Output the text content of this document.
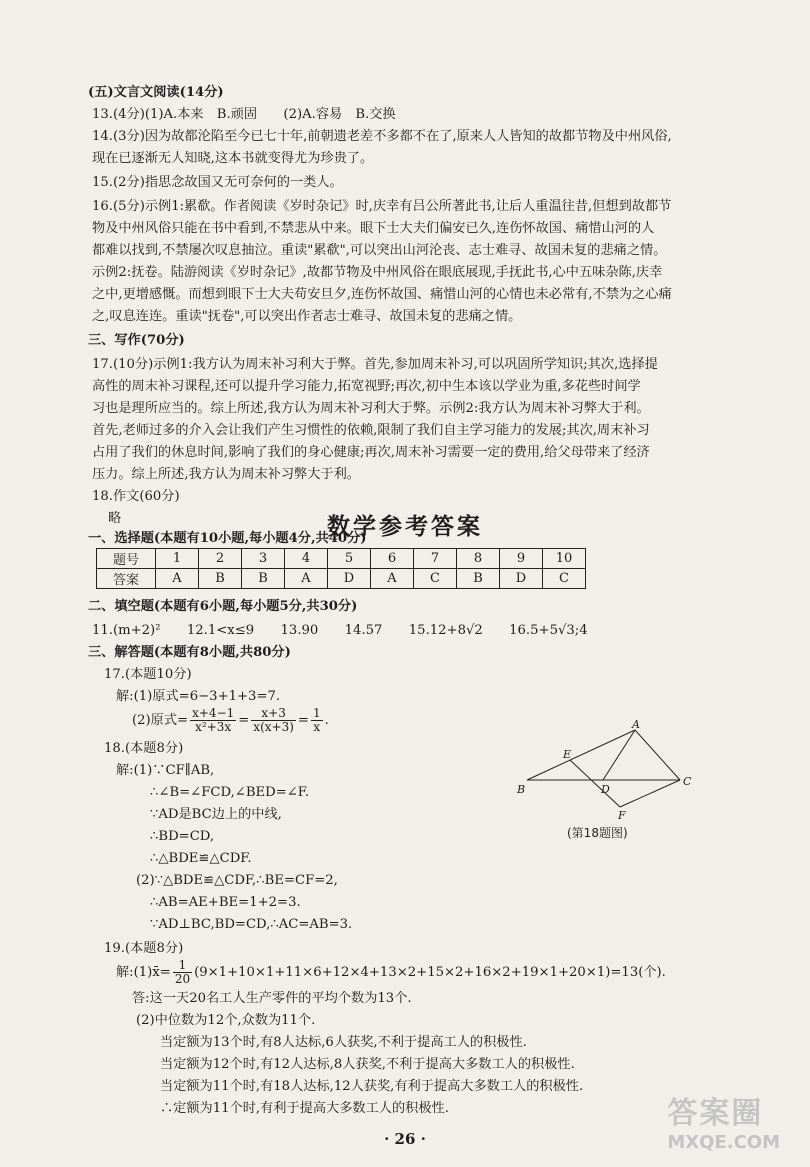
(五)文言文阅读(14分)
13.(4分)(1)A.本来　B.顽固　　(2)A.容易　B.交换
14.(3分)因为故都沦陷至今已七十年,前朝遗老差不多都不在了,原来人人皆知的故都节物及中州风俗,
现在已逐渐无人知晓,这本书就变得尤为珍贵了。
15.(2分)指思念故国又无可奈何的一类人。
16.(5分)示例1:累欷。作者阅读《岁时杂记》时,庆幸有吕公所著此书,让后人重温往昔,但想到故都节
物及中州风俗只能在书中看到,不禁悲从中来。眼下士大夫们偏安已久,连伤怀故国、痛惜山河的人
都难以找到,不禁屡次叹息抽泣。重读"累欷",可以突出山河沦丧、志士难寻、故国未复的悲痛之情。
示例2:抚卷。陆游阅读《岁时杂记》,故都节物及中州风俗在眼底展现,手抚此书,心中五味杂陈,庆幸
之中,更增感慨。而想到眼下士大夫苟安旦夕,连伤怀故国、痛惜山河的心情也未必常有,不禁为之心痛
之,叹息连连。重读"抚卷",可以突出作者志士难寻、故国未复的悲痛之情。
三、写作(70分)
17.(10分)示例1:我方认为周末补习利大于弊。首先,参加周末补习,可以巩固所学知识;其次,选择提
高性的周末补习课程,还可以提升学习能力,拓宽视野;再次,初中生本该以学业为重,多花些时间学
习也是理所应当的。综上所述,我方认为周末补习利大于弊。示例2:我方认为周末补习弊大于利。
首先,老师过多的介入会让我们产生习惯性的依赖,限制了我们自主学习能力的发展;其次,周末补习
占用了我们的休息时间,影响了我们的身心健康;再次,周末补习需要一定的费用,给父母带来了经济
压力。综上所述,我方认为周末补习弊大于利。
18.作文(60分)
略	数学参考答案
一、选择题(本题有10小题,每小题4分,共40分)
题号	1	2	3	4	5	6	7	8	9	10
答案	A	B	B	A	D	A	C	B	D	C
二、填空题(本题有6小题,每小题5分,共30分)
11.(m+2)²　　12.1<x≤9　　13.90　　14.57　　15.12+8√2　　16.5+5√3;4
三、解答题(本题有8小题,共80分)
17.(本题10分)
解:(1)原式=6−3+1+3=7.
(2)原式= $\frac{x+4-1}{\text{x²+3x}} = \frac{x+3}{x(x+3)} = \frac{1}{x}$ .
18.(本题8分)
解:(1)∵CF∥AB,
∴∠B=∠FCD,∠BED=∠F.
∵AD是BC边上的中线,
∴BD=CD,
∴△BDE≌△CDF.
(2)∵△BDE≌△CDF,∴BE=CF=2,
∴AB=AE+BE=1+2=3.
∵AD⊥BC,BD=CD,∴AC=AB=3.
A
E
B	D
C
F
(第18题图)
19.(本题8分)
解:(1)x̄= $\frac{1}{20} (9\times 1+10\times 1+11\times 6+12\times 4+13\times 2+15\times 2+16\times 2+19\times 1+20\times 1)=13$(个).
答:这一天20名工人生产零件的平均个数为13个.
(2)中位数为12个,众数为11个.
当定额为13个时,有8人达标,6人获奖,不利于提高工人的积极性.
当定额为12个时,有12人达标,8人获奖,不利于提高大多数工人的积极性.
当定额为11个时,有18人达标,12人获奖,有利于提高大多数工人的积极性.
∴定额为11个时,有利于提高大多数工人的积极性.
· 26 ·
答案圈
MXQE.COM
